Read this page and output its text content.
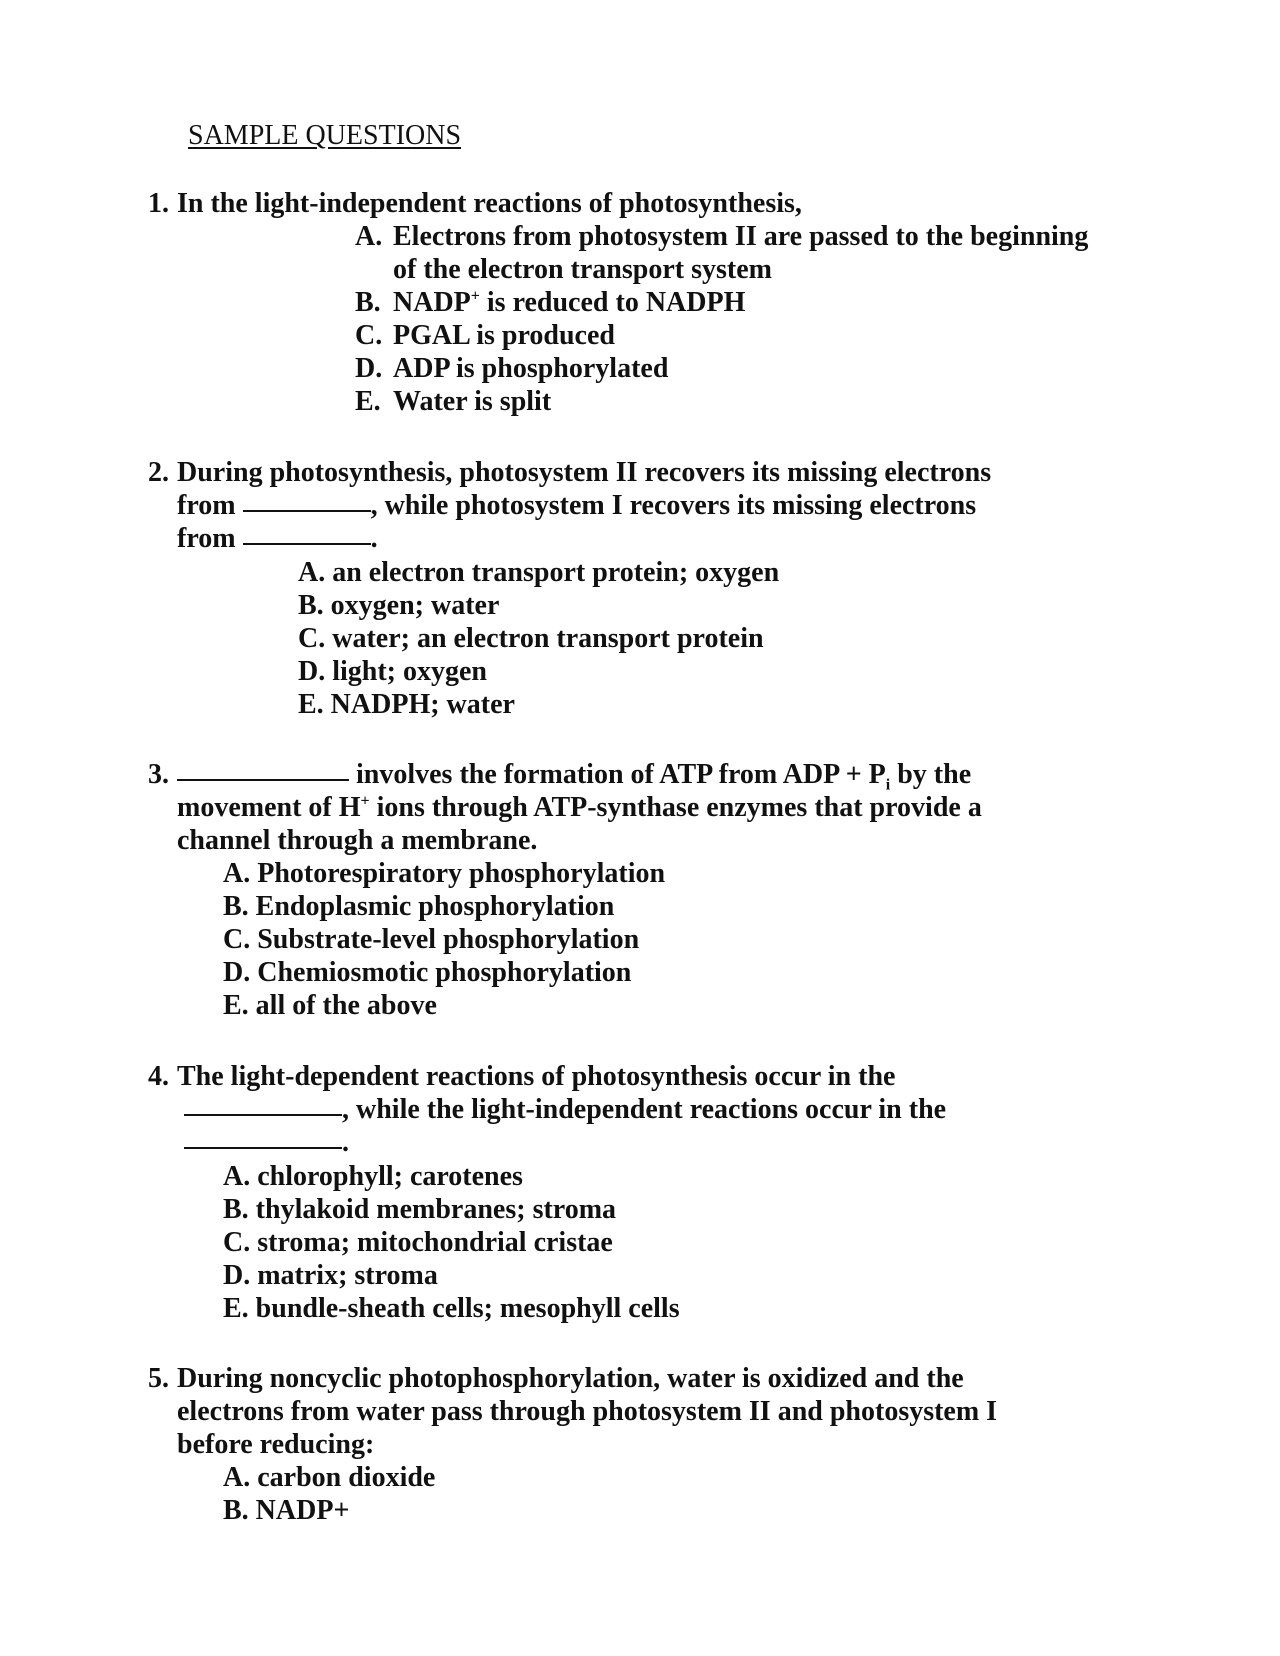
SAMPLE QUESTIONS
1. In the light-independent reactions of photosynthesis,
A. Electrons from photosystem II are passed to the beginning
of the electron transport system
B. NADP+ is reduced to NADPH
C. PGAL is produced
D. ADP is phosphorylated
E. Water is split
2. During photosynthesis, photosystem II recovers its missing electrons
from	, while photosystem I recovers its missing electrons
from	.
A. an electron transport protein; oxygen
B. oxygen; water
C. water; an electron transport protein
D. light; oxygen
E. NADPH; water
3.	involves the formation of ATP from ADP + $P_i$ by the
movement of H+ ions through ATP-synthase enzymes that provide a
channel through a membrane.
A. Photorespiratory phosphorylation
B. Endoplasmic phosphorylation
C. Substrate-level phosphorylation
D. Chemiosmotic phosphorylation
E. all of the above
4. The light-dependent reactions of photosynthesis occur in the
, while the light-independent reactions occur in the
.
A. chlorophyll; carotenes
B. thylakoid membranes; stroma
C. stroma; mitochondrial cristae
D. matrix; stroma
E. bundle-sheath cells; mesophyll cells
5. During noncyclic photophosphorylation, water is oxidized and the
electrons from water pass through photosystem II and photosystem I
before reducing:
A. carbon dioxide
B. NADP+
